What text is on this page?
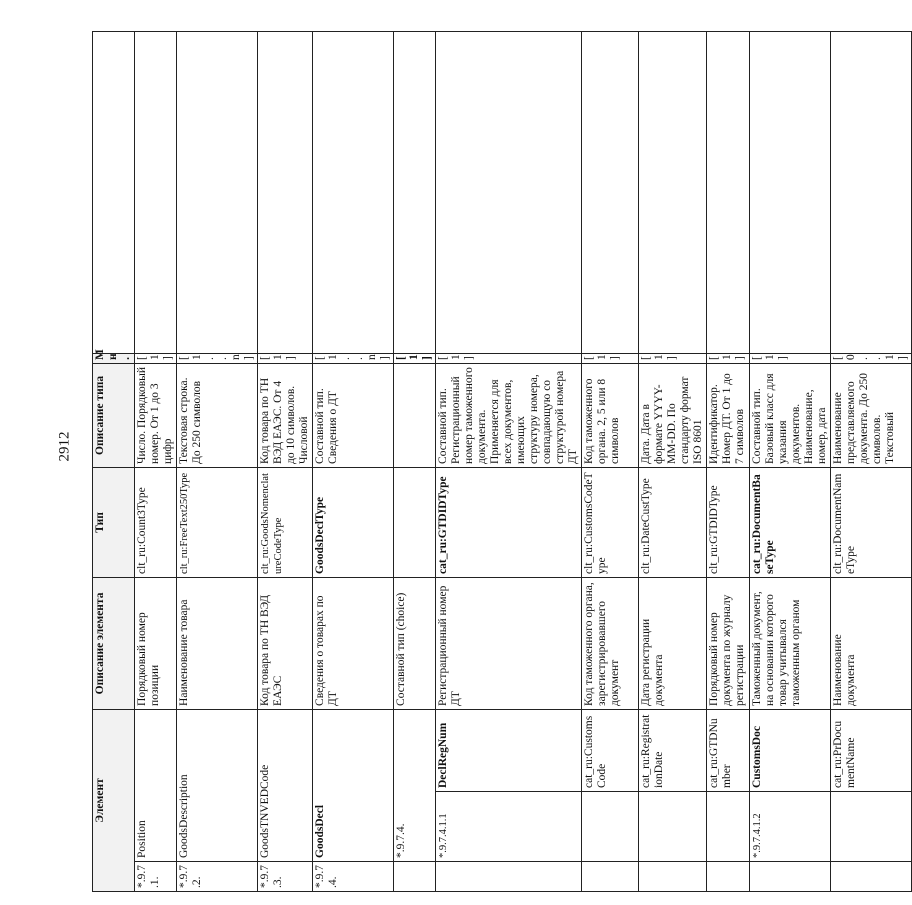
2912
Элемент			Описание элемента	Тип	Описание типа	Мн.	
*.9.7.1.	Position		Порядковый номер позиции	clt_ru:Count3Type	Число. Порядковый номер. От 1 до 3 цифр	[1]	
*.9.7.2.	GoodsDescription		Наименование товара	clt_ru:FreeText250Type	Текстовая строка. До 250 символов	[1..n]	
*.9.7.3.	GoodsTNVEDCode		Код товара по ТН ВЭД ЕАЭС	clt_ru:GoodsNomenclatureCodeType	Код товара по ТН ВЭД ЕАЭС. От 4 до 10 символов. Числовой	[1]	
*.9.7.4.	GoodsDecl		Сведения о товарах по ДТ	GoodsDeclType	Составной тип. Сведения о ДТ	[1..n]	
	*.9.7.4.		Составной тип (choice)			[1]	
	*.9.7.4.1.1	DeclRegNum	Регистрационный номер ДТ	cat_ru:GTDIDType	Составной тип. Регистрационный номер таможенного документа. Применяется для всех документов, имеющих структуру номера, совпадающую со структурой номера ДТ	[1]	
		cat_ru:CustomsCode	Код таможенного органа, зарегистрировавшего документ	clt_ru:CustomsCodeType	Код таможенного органа. 2, 5 или 8 символов	[1]	
		cat_ru:RegistrationDate	Дата регистрации документа	clt_ru:DateCustType	Дата. Дата в формате YYYY-MM-DD. По стандарту формат ISO 8601	[1]	
		cat_ru:GTDNumber	Порядковый номер документа по журналу регистрации	clt_ru:GTDIDType	Идентификатор. Номер ДТ. От 1 до 7 символов	[1]	
	*.9.7.4.1.2	CustomsDoc	Таможенный документ, на основании которого товар учитывался таможенным органом	cat_ru:DocumentBaseType	Составной тип. Базовый класс для указания документов. Наименование, номер, дата	[1]	
		cat_ru:PrDocumentName	Наименование документа	clt_ru:DocumentNameType	Наименование представляемого документа. До 250 символов. Текстовый	[0..1]	
